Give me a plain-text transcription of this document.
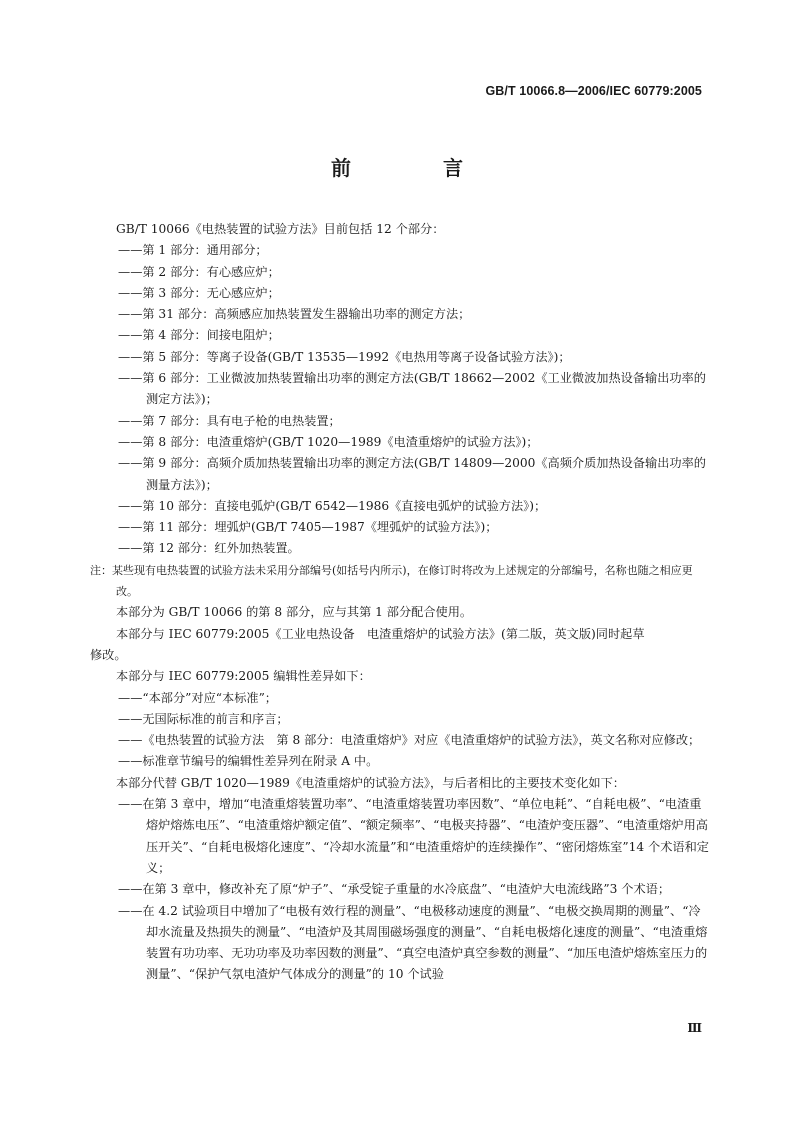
GB/T 10066.8—2006/IEC 60779:2005
前　言

GB/T 10066《电热装置的试验方法》目前包括 12 个部分：

——第 1 部分：通用部分；

——第 2 部分：有心感应炉；

——第 3 部分：无心感应炉；

——第 31 部分：高频感应加热装置发生器输出功率的测定方法；

——第 4 部分：间接电阻炉；

——第 5 部分：等离子设备(GB/T 13535—1992《电热用等离子设备试验方法》)；

——第 6 部分：工业微波加热装置输出功率的测定方法(GB/T 18662—2002《工业微波加热设备输出功率的测定方法》)；

——第 7 部分：具有电子枪的电热装置；

——第 8 部分：电渣重熔炉(GB/T 1020—1989《电渣重熔炉的试验方法》)；

——第 9 部分：高频介质加热装置输出功率的测定方法(GB/T 14809—2000《高频介质加热设备输出功率的测量方法》)；

——第 10 部分：直接电弧炉(GB/T 6542—1986《直接电弧炉的试验方法》)；

——第 11 部分：埋弧炉(GB/T 7405—1987《埋弧炉的试验方法》)；

——第 12 部分：红外加热装置。

注：某些现有电热装置的试验方法未采用分部编号(如括号内所示)，在修订时将改为上述规定的分部编号，名称也随之相应更改。

本部分为 GB/T 10066 的第 8 部分，应与其第 1 部分配合使用。

本部分与 IEC 60779:2005《工业电热设备　电渣重熔炉的试验方法》(第二版，英文版)同时起草

修改。

本部分与 IEC 60779:2005 编辑性差异如下：

——“本部分”对应“本标准”；

——无国际标准的前言和序言；

——《电热装置的试验方法　第 8 部分：电渣重熔炉》对应《电渣重熔炉的试验方法》，英文名称对应修改；

——标准章节编号的编辑性差异列在附录 A 中。

本部分代替 GB/T 1020—1989《电渣重熔炉的试验方法》，与后者相比的主要技术变化如下：

——在第 3 章中，增加“电渣重熔装置功率”、“电渣重熔装置功率因数”、“单位电耗”、“自耗电极”、“电渣重熔炉熔炼电压”、“电渣重熔炉额定值”、“额定频率”、“电极夹持器”、“电渣炉变压器”、“电渣重熔炉用高压开关”、“自耗电极熔化速度”、“冷却水流量”和“电渣重熔炉的连续操作”、“密闭熔炼室”14 个术语和定义；

——在第 3 章中，修改补充了原“炉子”、“承受锭子重量的水冷底盘”、“电渣炉大电流线路”3 个术语；

——在 4.2 试验项目中增加了“电极有效行程的测量”、“电极移动速度的测量”、“电极交换周期的测量”、“冷却水流量及热损失的测量”、“电渣炉及其周围磁场强度的测量”、“自耗电极熔化速度的测量”、“电渣重熔装置有功功率、无功功率及功率因数的测量”、“真空电渣炉真空参数的测量”、“加压电渣炉熔炼室压力的测量”、“保护气氛电渣炉气体成分的测量”的 10 个试验

Ⅲ
